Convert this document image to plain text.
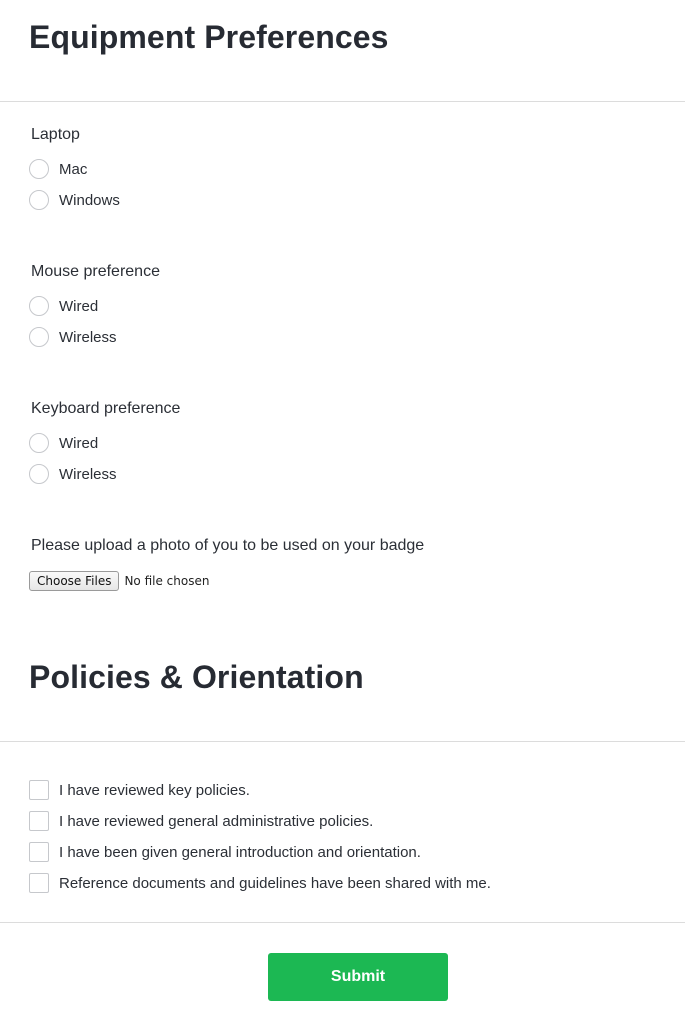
Equipment Preferences
Laptop
Mac
Windows
Mouse preference
Wired
Wireless
Keyboard preference
Wired
Wireless
Please upload a photo of you to be used on your badge
Choose Files	No file chosen
Policies & Orientation
I have reviewed key policies.
I have reviewed general administrative policies.
I have been given general introduction and orientation.
Reference documents and guidelines have been shared with me.
Submit
